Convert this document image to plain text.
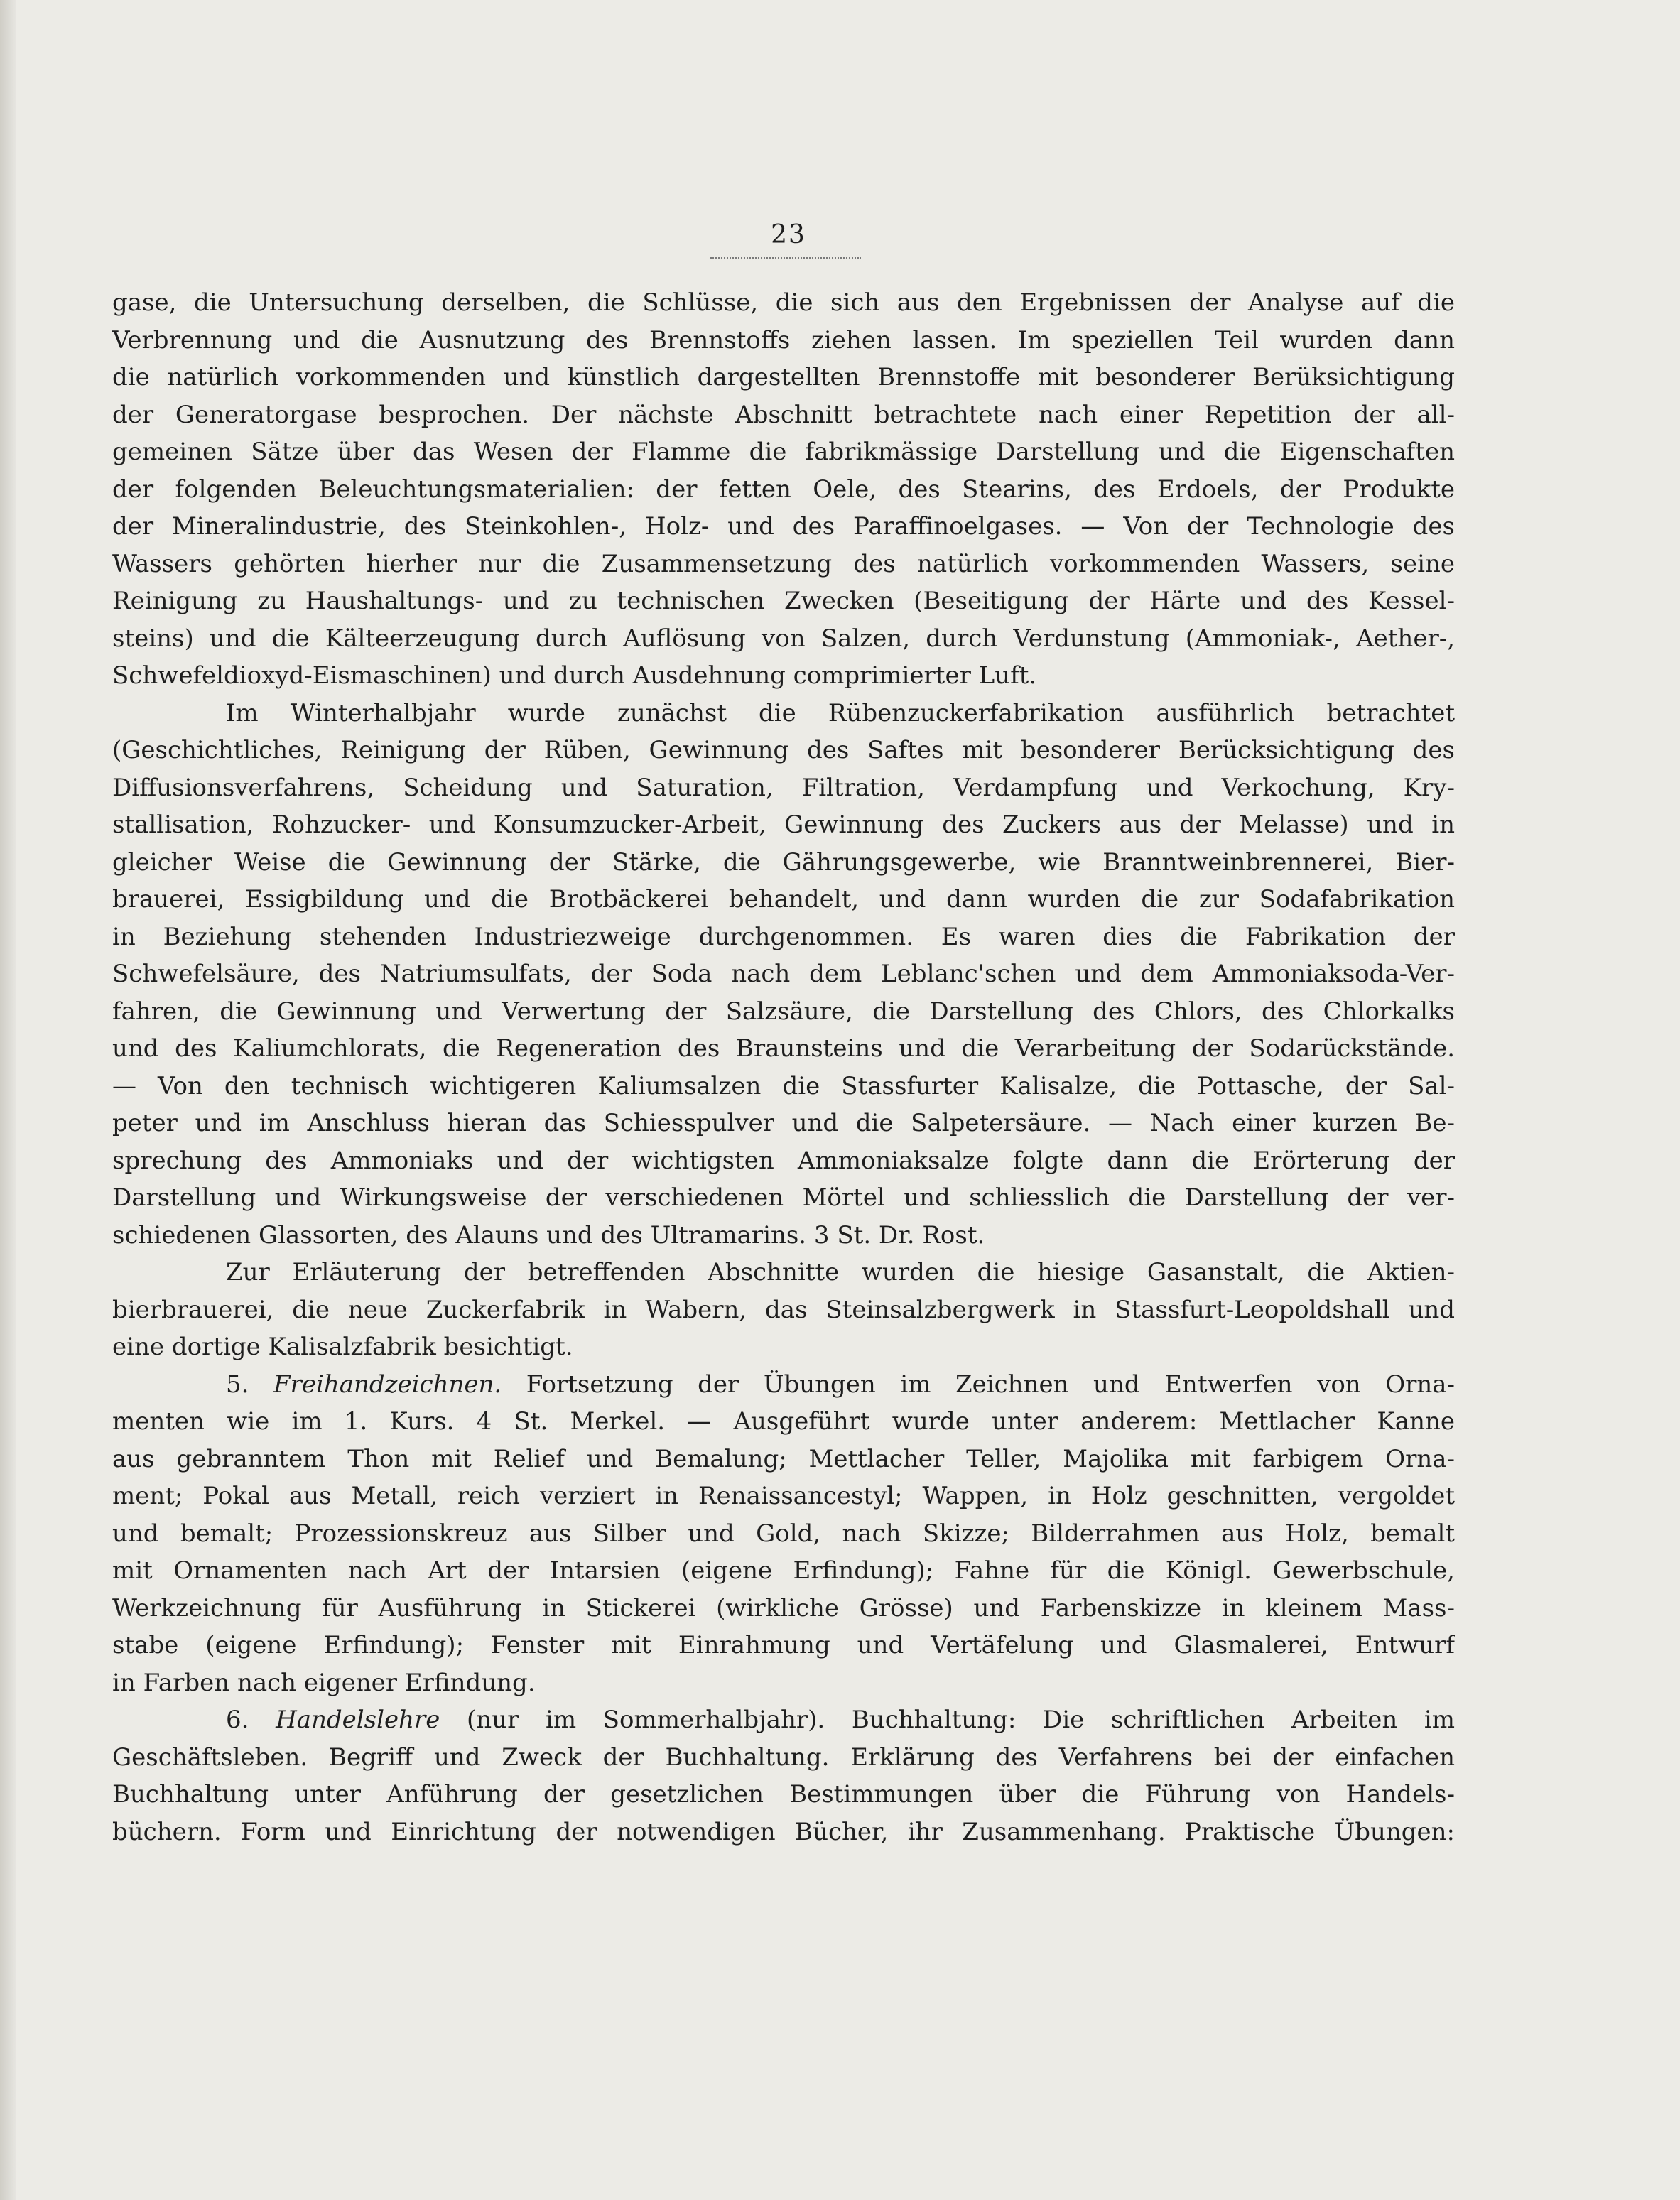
23
gase, die Untersuchung derselben, die Schlüsse, die sich aus den Ergebnissen der Analyse auf die
Verbrennung und die Ausnutzung des Brennstoffs ziehen lassen. Im speziellen Teil wurden dann
die natürlich vorkommenden und künstlich dargestellten Brennstoffe mit besonderer Berüksichtigung
der Generatorgase besprochen. Der nächste Abschnitt betrachtete nach einer Repetition der all-
gemeinen Sätze über das Wesen der Flamme die fabrikmässige Darstellung und die Eigenschaften
der folgenden Beleuchtungsmaterialien: der fetten Oele, des Stearins, des Erdoels, der Produkte
der Mineralindustrie, des Steinkohlen-, Holz- und des Paraffinoelgases. — Von der Technologie des
Wassers gehörten hierher nur die Zusammensetzung des natürlich vorkommenden Wassers, seine
Reinigung zu Haushaltungs- und zu technischen Zwecken (Beseitigung der Härte und des Kessel-
steins) und die Kälteerzeugung durch Auflösung von Salzen, durch Verdunstung (Ammoniak-, Aether-,
Schwefeldioxyd-Eismaschinen) und durch Ausdehnung comprimierter Luft.
Im Winterhalbjahr wurde zunächst die Rübenzuckerfabrikation ausführlich betrachtet
(Geschichtliches, Reinigung der Rüben, Gewinnung des Saftes mit besonderer Berücksichtigung des
Diffusionsverfahrens, Scheidung und Saturation, Filtration, Verdampfung und Verkochung, Kry-
stallisation, Rohzucker- und Konsumzucker-Arbeit, Gewinnung des Zuckers aus der Melasse) und in
gleicher Weise die Gewinnung der Stärke, die Gährungsgewerbe, wie Branntweinbrennerei, Bier-
brauerei, Essigbildung und die Brotbäckerei behandelt, und dann wurden die zur Sodafabrikation
in Beziehung stehenden Industriezweige durchgenommen. Es waren dies die Fabrikation der
Schwefelsäure, des Natriumsulfats, der Soda nach dem Leblanc'schen und dem Ammoniaksoda-Ver-
fahren, die Gewinnung und Verwertung der Salzsäure, die Darstellung des Chlors, des Chlorkalks
und des Kaliumchlorats, die Regeneration des Braunsteins und die Verarbeitung der Sodarückstände.
— Von den technisch wichtigeren Kaliumsalzen die Stassfurter Kalisalze, die Pottasche, der Sal-
peter und im Anschluss hieran das Schiesspulver und die Salpetersäure. — Nach einer kurzen Be-
sprechung des Ammoniaks und der wichtigsten Ammoniaksalze folgte dann die Erörterung der
Darstellung und Wirkungsweise der verschiedenen Mörtel und schliesslich die Darstellung der ver-
schiedenen Glassorten, des Alauns und des Ultramarins. 3 St. Dr. Rost.
Zur Erläuterung der betreffenden Abschnitte wurden die hiesige Gasanstalt, die Aktien-
bierbrauerei, die neue Zuckerfabrik in Wabern, das Steinsalzbergwerk in Stassfurt-Leopoldshall und
eine dortige Kalisalzfabrik besichtigt.
5. Freihandzeichnen. Fortsetzung der Übungen im Zeichnen und Entwerfen von Orna-
menten wie im 1. Kurs. 4 St. Merkel. — Ausgeführt wurde unter anderem: Mettlacher Kanne
aus gebranntem Thon mit Relief und Bemalung; Mettlacher Teller, Majolika mit farbigem Orna-
ment; Pokal aus Metall, reich verziert in Renaissancestyl; Wappen, in Holz geschnitten, vergoldet
und bemalt; Prozessionskreuz aus Silber und Gold, nach Skizze; Bilderrahmen aus Holz, bemalt
mit Ornamenten nach Art der Intarsien (eigene Erfindung); Fahne für die Königl. Gewerbschule,
Werkzeichnung für Ausführung in Stickerei (wirkliche Grösse) und Farbenskizze in kleinem Mass-
stabe (eigene Erfindung); Fenster mit Einrahmung und Vertäfelung und Glasmalerei, Entwurf
in Farben nach eigener Erfindung.
6. Handelslehre (nur im Sommerhalbjahr). Buchhaltung: Die schriftlichen Arbeiten im
Geschäftsleben. Begriff und Zweck der Buchhaltung. Erklärung des Verfahrens bei der einfachen
Buchhaltung unter Anführung der gesetzlichen Bestimmungen über die Führung von Handels-
büchern. Form und Einrichtung der notwendigen Bücher, ihr Zusammenhang. Praktische Übungen:
